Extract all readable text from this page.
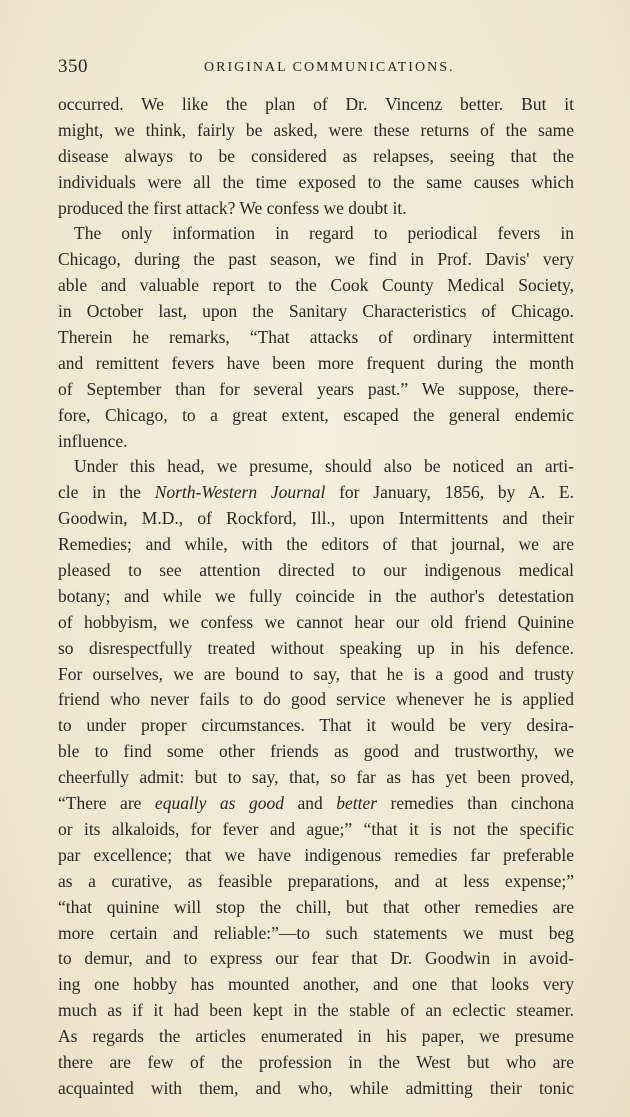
350	ORIGINAL COMMUNICATIONS.
occurred. We like the plan of Dr. Vincenz better. But it
might, we think, fairly be asked, were these returns of the same
disease always to be considered as relapses, seeing that the
individuals were all the time exposed to the same causes which
produced the first attack? We confess we doubt it.
The only information in regard to periodical fevers in
Chicago, during the past season, we find in Prof. Davis' very
able and valuable report to the Cook County Medical Society,
in October last, upon the Sanitary Characteristics of Chicago.
Therein he remarks, “That attacks of ordinary intermittent
and remittent fevers have been more frequent during the month
of September than for several years past.” We suppose, there-
fore, Chicago, to a great extent, escaped the general endemic
influence.
Under this head, we presume, should also be noticed an arti-
cle in the North-Western Journal for January, 1856, by A. E.
Goodwin, M.D., of Rockford, Ill., upon Intermittents and their
Remedies; and while, with the editors of that journal, we are
pleased to see attention directed to our indigenous medical
botany; and while we fully coincide in the author's detestation
of hobbyism, we confess we cannot hear our old friend Quinine
so disrespectfully treated without speaking up in his defence.
For ourselves, we are bound to say, that he is a good and trusty
friend who never fails to do good service whenever he is applied
to under proper circumstances. That it would be very desira-
ble to find some other friends as good and trustworthy, we
cheerfully admit: but to say, that, so far as has yet been proved,
“There are equally as good and better remedies than cinchona
or its alkaloids, for fever and ague;” “that it is not the specific
par excellence; that we have indigenous remedies far preferable
as a curative, as feasible preparations, and at less expense;”
“that quinine will stop the chill, but that other remedies are
more certain and reliable:”—to such statements we must beg
to demur, and to express our fear that Dr. Goodwin in avoid-
ing one hobby has mounted another, and one that looks very
much as if it had been kept in the stable of an eclectic steamer.
As regards the articles enumerated in his paper, we presume
there are few of the profession in the West but who are
acquainted with them, and who, while admitting their tonic
